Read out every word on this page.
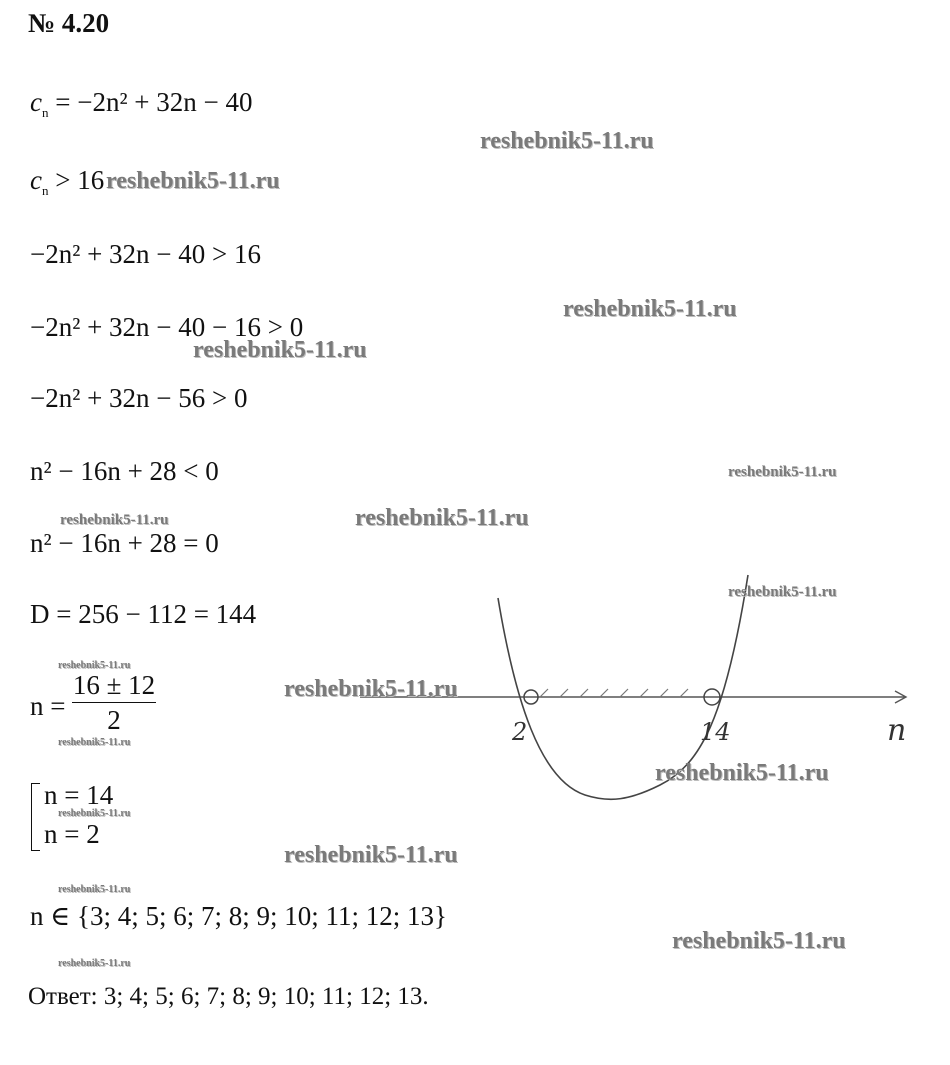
№ 4.20
$c_n = -2n^2 + 32n - 40$
$c_n > 16$
−2n² + 32n − 40 > 16
−2n² + 32n − 40 − 16 > 0
−2n² + 32n − 56 > 0
n² − 16n + 28 < 0
n² − 16n + 28 = 0
D = 256 − 112 = 144
n =
16 ± 12
2
n = 14
n = 2
n ∈ {3; 4; 5; 6; 7; 8; 9; 10; 11; 12; 13}
Ответ: 3; 4; 5; 6; 7; 8; 9; 10; 11; 12; 13.
2	14	n
reshebnik5-11.ru
reshebnik5-11.ru
reshebnik5-11.ru
reshebnik5-11.ru
reshebnik5-11.ru
reshebnik5-11.ru	reshebnik5-11.ru
reshebnik5-11.ru
reshebnik5-11.ru
reshebnik5-11.ru
reshebnik5-11.ru
reshebnik5-11.ru
reshebnik5-11.ru
reshebnik5-11.ru
reshebnik5-11.ru
reshebnik5-11.ru
reshebnik5-11.ru
